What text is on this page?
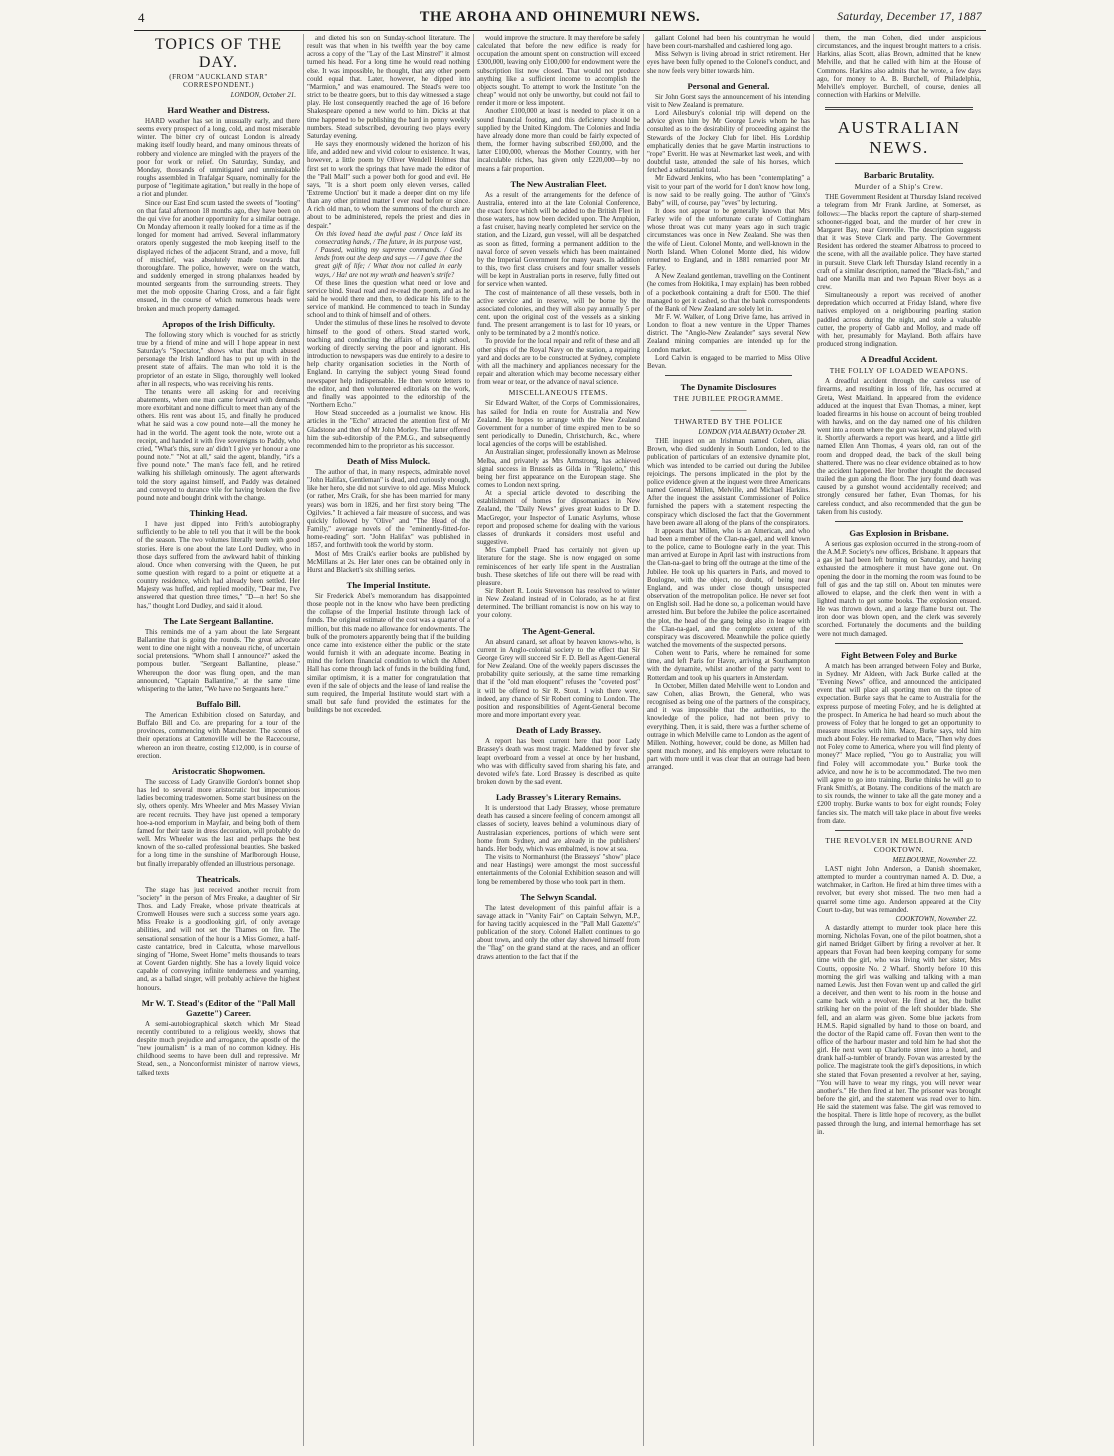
4	THE AROHA AND OHINEMURI NEWS.	Saturday, December 17, 1887
TOPICS OF THE DAY.
(FROM "AUCKLAND STAR" CORRESPONDENT.)
LONDON, October 21.
Hard Weather and Distress.

HARD weather has set in unusually early, and there seems every prospect of a long, cold, and most miserable winter. The bitter cry of outcast London is already making itself loudly heard, and many ominous threats of robbery and violence are mingled with the prayers of the poor for work or relief. On Saturday, Sunday, and Monday, thousands of unmitigated and unmistakable roughs assembled in Trafalgar Square, nominally for the purpose of "legitimate agitation," but really in the hope of a riot and plunder.

Since our East End scum tasted the sweets of "looting" on that fatal afternoon 18 months ago, they have been on the qui vive for another opportunity for a similar outrage. On Monday afternoon it really looked for a time as if the longed for moment had arrived. Several inflammatory orators openly suggested the mob keeping itself to the displayed riches of the adjacent Strand, and a move, full of mischief, was absolutely made towards that thoroughfare. The police, however, were on the watch, and suddenly emerged in strong phalanxes headed by mounted sergeants from the surrounding streets. They met the mob opposite Charing Cross, and a fair fight ensued, in the course of which numerous heads were broken and much property damaged.

Apropos of the Irish Difficulty.

The following story which is vouched for as strictly true by a friend of mine and will I hope appear in next Saturday's "Spectator," shows what that much abused personage the Irish landlord has to put up with in the present state of affairs. The man who told it is the proprietor of an estate in Sligo, thoroughly well looked after in all respects, who was receiving his rents.

The tenants were all asking for and receiving abatements, when one man came forward with demands more exorbitant and none difficult to meet than any of the others. His rent was about 15, and finally he produced what he said was a cow pound note—all the money he had in the world. The agent took the note, wrote out a receipt, and handed it with five sovereigns to Paddy, who cried, "What's this, sure an' didn't I give yer honour a one pound note." "Not at all," said the agent, blandly, "it's a five pound note." The man's face fell, and he retired walking his shillelagh ominously. The agent afterwards told the story against himself, and Paddy was detained and conveyed to durance vile for having broken the five pound note and bought drink with the change.

Thinking Head.

I have just dipped into Frith's autobiography sufficiently to be able to tell you that it will be the book of the season. The two volumes literally teem with good stories. Here is one about the late Lord Dudley, who in those days suffered from the awkward habit of thinking aloud. Once when conversing with the Queen, he put some question with regard to a point or etiquette at a country residence, which had already been settled. Her Majesty was huffed, and replied moodily, "Dear me, I've answered that question three times," "D—n her! So she has," thought Lord Dudley, and said it aloud.

The Late Sergeant Ballantine.

This reminds me of a yarn about the late Sergeant Ballantine that is going the rounds. The great advocate went to dine one night with a nouveau riche, of uncertain social pretensions. "Whom shall I announce?" asked the pompous butler. "Sergeant Ballantine, please." Whereupon the door was flung open, and the man announced, "Captain Ballantine," at the same time whispering to the latter, "We have no Sergeants here."

Buffalo Bill.

The American Exhibition closed on Saturday, and Buffalo Bill and Co. are preparing for a tour of the provinces, commencing with Manchester. The scenes of their operations at Cattenoville will be the Racecourse, whereon an iron theatre, costing £12,000, is in course of erection.

Aristocratic Shopwomen.

The success of Lady Granville Gordon's bonnet shop has led to several more aristocratic but impecunious ladies becoming tradeswomen. Some start business on the sly, others openly. Mrs Wheeler and Mrs Massey Vivian are recent recruits. They have just opened a temporary hoe-a-nod emporium in Mayfair, and being both of them famed for their taste in dress decoration, will probably do well. Mrs Wheeler was the last and perhaps the best known of the so-called professional beauties. She basked for a long time in the sunshine of Marlborough House, but finally irreparably offended an illustrious personage.

Theatricals.

The stage has just received another recruit from "society" in the person of Mrs Freake, a daughter of Sir Thos. and Lady Freake, whose private theatricals at Cromwell Houses were such a success some years ago. Miss Freake is a goodlooking girl, of only average abilities, and will not set the Thames on fire. The sensational sensation of the hour is a Miss Gomez, a half-caste cantatrice, bred in Calcutta, whose marvellous singing of "Home, Sweet Home" melts thousands to tears at Covent Garden nightly. She has a lovely liquid voice capable of conveying infinite tenderness and yearning, and, as a ballad singer, will probably achieve the highest honours.

Mr W. T. Stead's (Editor of the "Pall Mall Gazette") Career.

A semi-autobiographical sketch which Mr Stead recently contributed to a religious weekly, shows that despite much prejudice and arrogance, the apostle of the "new journalism" is a man of no common kidney. His childhood seems to have been dull and repressive. Mr Stead, sen., a Nonconformist minister of narrow views, talked texts

and dieted his son on Sunday-school literature. The result was that when in his twelfth year the boy came across a copy of the "Lay of the Last Minstrel" it almost turned his head. For a long time he would read nothing else. It was impossible, he thought, that any other poem could equal that. Later, however, he dipped into "Marmion," and was enamoured. The Stead's were too strict to be theatre goers, but to this day witnessed a stage play. He lost consequently reached the age of 16 before Shakespeare opened a new world to him. Dicks at that time happened to be publishing the bard in penny weekly numbers. Stead subscribed, devouring two plays every Saturday evening.

He says they enormously widened the horizon of his life, and added new and vivid colour to existence. It was, however, a little poem by Oliver Wendell Holmes that first set to work the springs that have made the editor of the "Pall Mall" such a power both for good and evil. He says, "It is a short poem only eleven verses, called 'Extreme Unction' but it made a deeper dint on my life than any other printed matter I ever read before or since. A rich old man, to whom the summons of the church are about to be administered, repels the priest and dies in despair."

On this loved head the awful past / Once laid its consecrating hands, / The future, in its purpose vast, / Paused, waiting my supreme commands. / God lends from out the deep and says — / I gave thee the great gift of life; / What thou not called in early ways, / Ha! are not my wrath and heaven's strife?

Of these lines the question what need or love and service bind. Stead read and re-read the poem, and as he said he would there and then, to dedicate his life to the service of mankind. He commenced to teach in Sunday school and to think of himself and of others.

Under the stimulus of these lines he resolved to devote himself to the good of others. Stead started work, teaching and conducting the affairs of a night school, working of directly serving the poor and ignorant. His introduction to newspapers was due entirely to a desire to help charity organisation societies in the North of England. In carrying the subject young Stead found newspaper help indispensable. He then wrote letters to the editor, and then volunteered editorials on the work, and finally was appointed to the editorship of the "Northern Echo."

How Stead succeeded as a journalist we know. His articles in the "Echo" attracted the attention first of Mr Gladstone and then of Mr John Morley. The latter offered him the sub-editorship of the P.M.G., and subsequently recommended him to the proprietor as his successor.

Death of Miss Mulock.

The author of that, in many respects, admirable novel "John Halifax, Gentleman" is dead, and curiously enough, like her hero, she did not survive to old age. Miss Mulock (or rather, Mrs Craik, for she has been married for many years) was born in 1826, and her first story being "The Ogilvies." It achieved a fair measure of success, and was quickly followed by "Olive" and "The Head of the Family," average novels of the "eminently-fitted-for-home-reading" sort. "John Halifax" was published in 1857, and forthwith took the world by storm.

Most of Mrs Craik's earlier books are published by McMillans at 2s. Her later ones can be obtained only in Hurst and Blackett's six shilling series.

The Imperial Institute.

Sir Frederick Abel's memorandum has disappointed those people not in the know who have been predicting the collapse of the Imperial Institute through lack of funds. The original estimate of the cost was a quarter of a million, but this made no allowance for endowments. The bulk of the promoters apparently being that if the building once came into existence either the public or the state would furnish it with an adequate income. Beating in mind the forlorn financial condition to which the Albert Hall has come through lack of funds in the building fund, similar optimism, it is a matter for congratulation that even if the sale of objects and the lease of land realise the sum required, the Imperial Institute would start with a small but safe fund provided the estimates for the buildings be not exceeded.

would improve the structure. It may therefore be safely calculated that before the new edifice is ready for occupation the amount spent on construction will exceed £300,000, leaving only £100,000 for endowment were the subscription list now closed. That would not produce anything like a sufficient income to accomplish the objects sought. To attempt to work the Institute "on the cheap" would not only be unworthy, but could not fail to render it more or less impotent.

Another £100,000 at least is needed to place it on a sound financial footing, and this deficiency should be supplied by the United Kingdom. The Colonies and India have already done more than could be fairly expected of them, the former having subscribed £60,000, and the latter £100,000, whereas the Mother Country, with her incalculable riches, has given only £220,000—by no means a fair proportion.

The New Australian Fleet.

As a result of the arrangements for the defence of Australia, entered into at the late Colonial Conference, the exact force which will be added to the British Fleet in those waters, has now been decided upon. The Amphion, a fast cruiser, having nearly completed her service on the station, and the Lizard, gun vessel, will all be despatched as soon as fitted, forming a permanent addition to the naval force of seven vessels which has been maintained by the Imperial Government for many years. In addition to this, two first class cruisers and four smaller vessels will be kept in Australian ports in reserve, fully fitted out for service when wanted.

The cost of maintenance of all these vessels, both in active service and in reserve, will be borne by the associated colonies, and they will also pay annually 5 per cent. upon the original cost of the vessels as a sinking fund. The present arrangement is to last for 10 years, or only to be terminated by a 2 month's notice.

To provide for the local repair and refit of these and all other ships of the Royal Navy on the station, a repairing yard and docks are to be constructed at Sydney, complete with all the machinery and appliances necessary for the repair and alteration which may become necessary either from wear or tear, or the advance of naval science.

MISCELLANEOUS ITEMS.

Sir Edward Walter, of the Corps of Commissionaires, has sailed for India en route for Australia and New Zealand. He hopes to arrange with the New Zealand Government for a number of time expired men to be so sent periodically to Dunedin, Christchurch, &c., where local agencies of the corps will be established.

An Australian singer, professionally known as Melrose Melba, and privately as Mrs Armstrong, has achieved signal success in Brussels as Gilda in "Rigoletto," this being her first appearance on the European stage. She comes to London next spring.

At a special article devoted to describing the establishment of homes for dipsomaniacs in New Zealand, the "Daily News" gives great kudos to Dr D. MacGregor, your Inspector of Lunatic Asylums, whose report and proposed scheme for dealing with the various classes of drunkards it considers most useful and suggestive.

Mrs Campbell Praed has certainly not given up literature for the stage. She is now engaged on some reminiscences of her early life spent in the Australian bush. These sketches of life out there will be read with pleasure.

Sir Robert R. Louis Stevenson has resolved to winter in New Zealand instead of in Colorado, as he at first determined. The brilliant romancist is now on his way to your colony.

The Agent-General.

An absurd canard, set afloat by heaven knows-who, is current in Anglo-colonial society to the effect that Sir George Grey will succeed Sir F. D. Bell as Agent-General for New Zealand. One of the weekly papers discusses the probability quite seriously, at the same time remarking that if the "old man eloquent" refuses the "coveted post" it will be offered to Sir R. Stout. I wish there were, indeed, any chance of Sir Robert coming to London. The position and responsibilities of Agent-General become more and more important every year.

Death of Lady Brassey.

A report has been current here that poor Lady Brassey's death was most tragic. Maddened by fever she leapt overboard from a vessel at once by her husband, who was with difficulty saved from sharing his fate, and devoted wife's fate. Lord Brassey is described as quite broken down by the sad event.

Lady Brassey's Literary Remains.

It is understood that Lady Brassey, whose premature death has caused a sincere feeling of concern amongst all classes of society, leaves behind a voluminous diary of Australasian experiences, portions of which were sent home from Sydney, and are already in the publishers' hands. Her body, which was embalmed, is now at sea.

The visits to Normanhurst (the Brasseys' "show" place and near Hastings) were amongst the most successful entertainments of the Colonial Exhibition season and will long be remembered by those who took part in them.

The Selwyn Scandal.

The latest development of this painful affair is a savage attack in "Vanity Fair" on Captain Selwyn, M.P., for having tacitly acquiesced in the "Pall Mall Gazette's" publication of the story. Colonel Hallett continues to go about town, and only the other day showed himself from the "flag" on the grand stand at the races, and an officer draws attention to the fact that if the

gallant Colonel had been his countryman he would have been court-marshalled and cashiered long ago.

Miss Selwyn is living abroad in strict retirement. Her eyes have been fully opened to the Colonel's conduct, and she now feels very bitter towards him.

Personal and General.

Sir John Gorst says the announcement of his intending visit to New Zealand is premature.

Lord Ailesbury's colonial trip will depend on the advice given him by Mr George Lewis whom he has consulted as to the desirability of proceeding against the Stewards of the Jockey Club for libel. His Lordship emphatically denies that he gave Martin instructions to "rope" Everitt. He was at Newmarket last week, and with doubtful taste, attended the sale of his horses, which fetched a substantial total.

Mr Edward Jenkins, who has been "contemplating" a visit to your part of the world for I don't know how long, is now said to be really going. The author of "Ginx's Baby" will, of course, pay "eves" by lecturing.

It does not appear to be generally known that Mrs Farley wife of the unfortunate curate of Cottingham whose throat was cut many years ago in such tragic circumstances was once in New Zealand. She was then the wife of Lieut. Colonel Monte, and well-known in the North Island. When Colonel Monte died, his widow returned to England, and in 1881 remarried poor Mr Farley.

A New Zealand gentleman, travelling on the Continent (he comes from Hokitika, I may explain) has been robbed of a pocketbook containing a draft for £500. The thief managed to get it cashed, so that the bank correspondents of the Bank of New Zealand are solely let in.

Mr F. W. Walker, of Long Drive fame, has arrived in London to float a new venture in the Upper Thames district. The "Anglo-New Zealander" says several New Zealand mining companies are intended up for the London market.

Lord Calvin is engaged to be married to Miss Olive Bevan.

The Dynamite Disclosures
THE JUBILEE PROGRAMME.
————
THWARTED BY THE POLICE
LONDON (VIA ALBANY) October 28.

THE inquest on an Irishman named Cohen, alias Brown, who died suddenly in South London, led to the publication of particulars of an extensive dynamite plot, which was intended to be carried out during the Jubilee rejoicings. The persons implicated in the plot by the police evidence given at the inquest were three Americans named General Millen, Melville, and Michael Harkins. After the inquest the assistant Commissioner of Police furnished the papers with a statement respecting the conspiracy which disclosed the fact that the Government have been aware all along of the plans of the conspirators.

It appears that Millen, who is an American, and who had been a member of the Clan-na-gael, and well known to the police, came to Boulogne early in the year. This man arrived at Europe in April last with instructions from the Clan-na-gael to bring off the outrage at the time of the Jubilee. He took up his quarters in Paris, and moved to Boulogne, with the object, no doubt, of being near England, and was under close though unsuspected observation of the metropolitan police. He never set foot on English soil. Had he done so, a policeman would have arrested him. But before the Jubilee the police ascertained the plot, the head of the gang being also in league with the Clan-na-gael, and the complete extent of the conspiracy was discovered. Meanwhile the police quietly watched the movements of the suspected persons.

Cohen went to Paris, where he remained for some time, and left Paris for Havre, arriving at Southampton with the dynamite, whilst another of the party went to Rotterdam and took up his quarters in Amsterdam.

In October, Millen dated Melville went to London and saw Cohen, alias Brown, the General, who was recognised as being one of the partners of the conspiracy, and it was impossible that the authorities, to the knowledge of the police, had not been privy to everything. Then, it is said, there was a further scheme of outrage in which Melville came to London as the agent of Millen. Nothing, however, could be done, as Millen had spent much money, and his employers were reluctant to part with more until it was clear that an outrage had been arranged.

them, the man Cohen, died under auspicious circumstances, and the inquest brought matters to a crisis. Harkins, alias Scott, alias Brown, admitted that he knew Melville, and that he called with him at the House of Commons. Harkins also admits that he wrote, a few days ago, for money to A. B. Burchell, of Philadelphia, Melville's employer. Burchell, of course, denies all connection with Harkins or Melville.

AUSTRALIAN NEWS.
Barbaric Brutality.
Murder of a Ship's Crew.

THE Government Resident at Thursday Island received a telegram from Mr Frank Jardine, at Somerset, as follows:—The blacks report the capture of sharp-sterned schooner-rigged boat, and the murder of her crew in Margaret Bay, near Grenville. The description suggests that it was Steve Clark and party. The Government Resident has ordered the steamer Albatross to proceed to the scene, with all the available police. They have started in pursuit. Steve Clark left Thursday Island recently in a craft of a similar description, named the "Black-fish," and had one Manilla man and two Papuan River boys as a crew.

Simultaneously a report was received of another depredation which occurred at Friday Island, where five natives employed on a neighbouring pearling station paddled across during the night, and stole a valuable cutter, the property of Gabb and Molloy, and made off with her, presumably for Mayland. Both affairs have produced strong indignation.

A Dreadful Accident.
THE FOLLY OF LOADED WEAPONS.

A dreadful accident through the careless use of firearms, and resulting in loss of life, has occurred at Greta, West Maitland. In appeared from the evidence adduced at the inquest that Evan Thomas, a miner, kept loaded firearms in his house on account of being troubled with hawks, and on the day named one of his children went into a room where the gun was kept, and played with it. Shortly afterwards a report was heard, and a little girl named Ellen Ann Thomas, 4 years old, ran out of the room and dropped dead, the back of the skull being shattered. There was no clear evidence obtained as to how the accident happened. Her brother thought the deceased trailed the gun along the floor. The jury found death was caused by a gunshot wound accidentally received; and strongly censured her father, Evan Thomas, for his careless conduct, and also recommended that the gun be taken from his custody.

Gas Explosion in Brisbane.

A serious gas explosion occurred in the strong-room of the A.M.P. Society's new offices, Brisbane. It appears that a gas jet had been left burning on Saturday, and having exhausted the atmosphere it must have gone out. On opening the door in the morning the room was found to be full of gas and the tap still on. About ten minutes were allowed to elapse, and the clerk then went in with a lighted match to get some books. The explosion ensued. He was thrown down, and a large flame burst out. The iron door was blown open, and the clerk was severely scorched. Fortunately the documents and the building were not much damaged.

Fight Between Foley and Burke

A match has been arranged between Foley and Burke, in Sydney. Mr Aldeen, with Jack Burke called at the "Evening News" office, and announced the anticipated event that will place all sporting men on the tiptoe of expectation. Burke says that he came to Australia for the express purpose of meeting Foley, and he is delighted at the prospect. In America he had heard so much about the prowess of Foley that he longed to get an opportunity to measure muscles with him. Mace, Burke says, told him much about Foley. He remarked to Mace, "Then why does not Foley come to America, where you will find plenty of money?" Mace replied, "You go to Australia; you will find Foley will accommodate you." Burke took the advice, and now he is to be accommodated. The two men will agree to go into training. Burke thinks he will go to Frank Smith's, at Botany. The conditions of the match are to six rounds, the winner to take all the gate money and a £200 trophy. Burke wants to box for eight rounds; Foley fancies six. The match will take place in about five weeks from date.

THE REVOLVER IN MELBOURNE AND COOKTOWN.
MELBOURNE, November 22.

LAST night John Anderson, a Danish shoemaker, attempted to murder a countryman named A. D. Due, a watchmaker, in Carlton. He fired at him three times with a revolver, but every shot missed. The two men had a quarrel some time ago. Anderson appeared at the City Court to-day, but was remanded.

COOKTOWN, November 22.

A dastardly attempt to murder took place here this morning. Nicholas Fovan, one of the pilot boatmen, shot a girl named Bridget Gilbert by firing a revolver at her. It appears that Fovan had been keeping company for some time with the girl, who was living with her sister, Mrs Coutts, opposite No. 2 Wharf. Shortly before 10 this morning the girl was walking and talking with a man named Lewis. Just then Fovan went up and called the girl a deceiver, and then went to his room in the house and came back with a revolver. He fired at her, the bullet striking her on the point of the left shoulder blade. She fell, and an alarm was given. Some blue jackets from H.M.S. Rapid signalled by hand to those on board, and the doctor of the Rapid came off. Fovan then went to the office of the harbour master and told him he had shot the girl. He next went up Charlotte street into a hotel, and drank half-a-tumbler of brandy. Fovan was arrested by the police. The magistrate took the girl's depositions, in which she stated that Fovan presented a revolver at her, saying, "You will have to wear my rings, you will never wear another's." He then fired at her. The prisoner was brought before the girl, and the statement was read over to him. He said the statement was false. The girl was removed to the hospital. There is little hope of recovery, as the bullet passed through the lung, and internal hemorrhage has set in.
